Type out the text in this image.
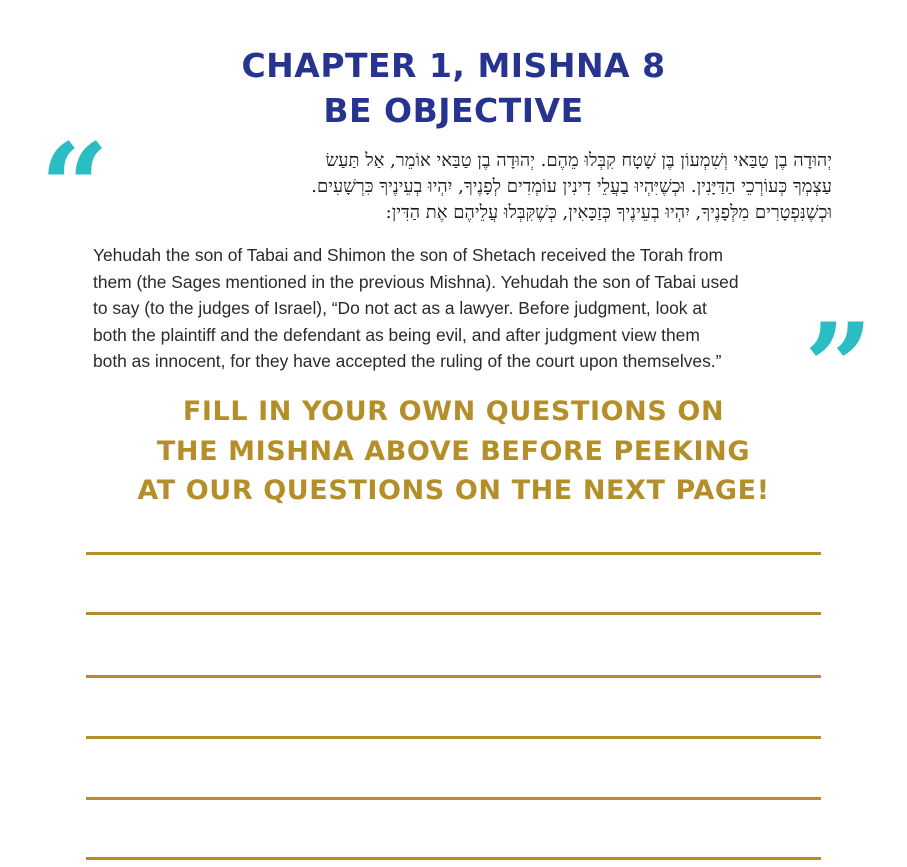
CHAPTER 1, MISHNA 8
BE OBJECTIVE
“	יְהוּדָה בֶן טַבַּאי וְשִׁמְעוֹן בֶּן שָׁטָח קִבְּלוּ מֵהֶם. יְהוּדָה בֶן טַבַּאי אוֹמֵר, אַל תַּעַשׂ
עַצְמְךָ כְּעוֹרְכֵי הַדַּיָּנִין. וּכְשֶׁיִּהְיוּ בַעֲלֵי דִינִין עוֹמְדִים לְפָנֶיךָ, יִהְיוּ בְעֵינֶיךָ כִּרְשָׁעִים.
וּכְשֶׁנִּפְטָרִים מִלְּפָנֶיךָ, יִהְיוּ בְעֵינֶיךָ כְּזַכָּאִין, כְּשֶׁקִּבְּלוּ עֲלֵיהֶם אֶת הַדִּין:
Yehudah the son of Tabai and Shimon the son of Shetach received the Torah from
them (the Sages mentioned in the previous Mishna). Yehudah the son of Tabai used
to say (to the judges of Israel), “Do not act as a lawyer. Before judgment, look at
both the plaintiff and the defendant as being evil, and after judgment view them
both as innocent, for they have accepted the ruling of the court upon themselves.” ”
FILL IN YOUR OWN QUESTIONS ON
THE MISHNA ABOVE BEFORE PEEKING
AT OUR QUESTIONS ON THE NEXT PAGE!
